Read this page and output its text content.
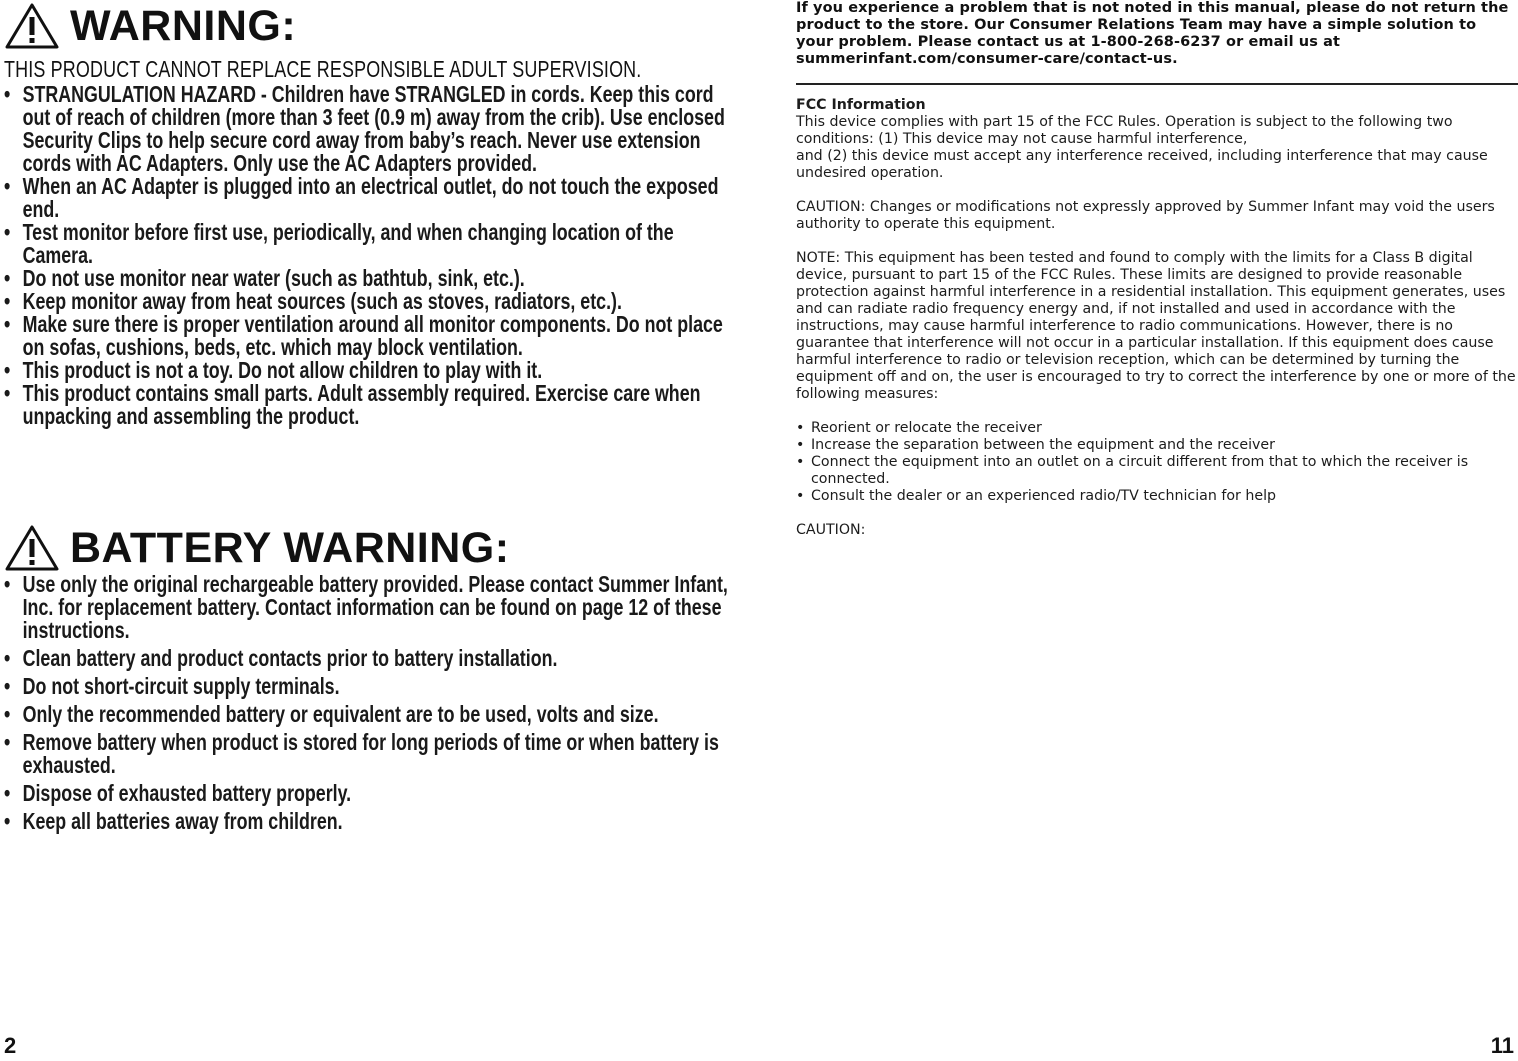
WARNING:
THIS PRODUCT CANNOT REPLACE RESPONSIBLE ADULT SUPERVISION.
• STRANGULATION HAZARD - Children have STRANGLED in cords. Keep this cord out of reach of children (more than 3 feet (0.9 m) away from the crib). Use enclosed Security Clips to help secure cord away from baby’s reach. Never use extension cords with AC Adapters. Only use the AC Adapters provided.
• When an AC Adapter is plugged into an electrical outlet, do not touch the exposed end.
• Test monitor before first use, periodically, and when changing location of the Camera.
• Do not use monitor near water (such as bathtub, sink, etc.).
• Keep monitor away from heat sources (such as stoves, radiators, etc.).
• Make sure there is proper ventilation around all monitor components. Do not place on sofas, cushions, beds, etc. which may block ventilation.
• This product is not a toy. Do not allow children to play with it.
• This product contains small parts. Adult assembly required. Exercise care when unpacking and assembling the product.
BATTERY WARNING:
• Use only the original rechargeable battery provided. Please contact Summer Infant, Inc. for replacement battery. Contact information can be found on page 12 of these instructions.
• Clean battery and product contacts prior to battery installation.
• Do not short-circuit supply terminals.
• Only the recommended battery or equivalent are to be used, volts and size.
• Remove battery when product is stored for long periods of time or when battery is exhausted.
• Dispose of exhausted battery properly.
• Keep all batteries away from children.
2

If you experience a problem that is not noted in this manual, please do not return the product to the store. Our Consumer Relations Team may have a simple solution to your problem. Please contact us at 1-800-268-6237 or email us at summerinfant.com/consumer-care/contact-us.

FCC Information

This device complies with part 15 of the FCC Rules. Operation is subject to the following two conditions: (1) This device may not cause harmful interference,

and (2) this device must accept any interference received, including interference that may cause undesired operation.

CAUTION: Changes or modifications not expressly approved by Summer Infant may void the users authority to operate this equipment.

NOTE: This equipment has been tested and found to comply with the limits for a Class B digital device, pursuant to part 15 of the FCC Rules. These limits are designed to provide reasonable protection against harmful interference in a residential installation. This equipment generates, uses and can radiate radio frequency energy and, if not installed and used in accordance with the instructions, may cause harmful interference to radio communications. However, there is no guarantee that interference will not occur in a particular installation. If this equipment does cause harmful interference to radio or television reception, which can be determined by turning the equipment off and on, the user is encouraged to try to correct the interference by one or more of the following measures:

• Reorient or relocate the receiver
• Increase the separation between the equipment and the receiver
• Connect the equipment into an outlet on a circuit different from that to which the receiver is connected.
• Consult the dealer or an experienced radio/TV technician for help

CAUTION:

11
